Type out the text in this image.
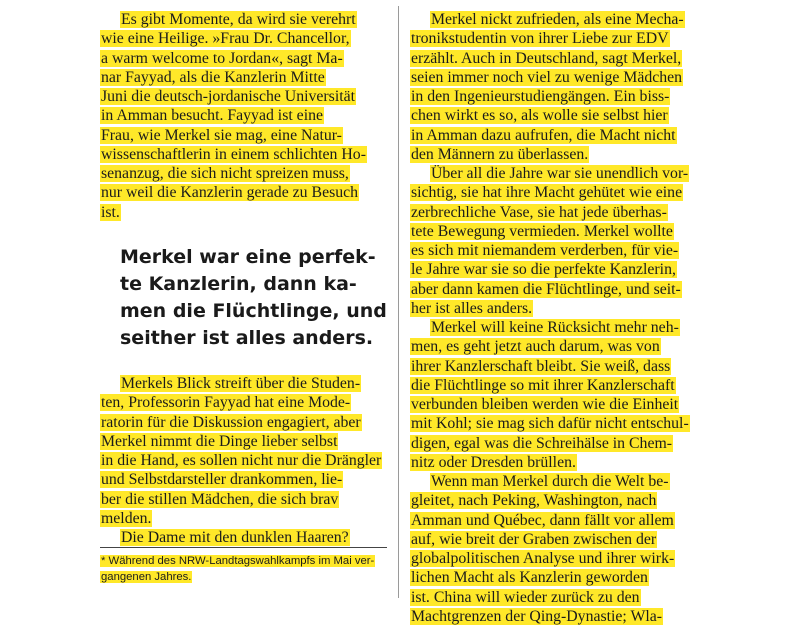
Es gibt Momente, da wird sie verehrt
wie eine Heilige. »Frau Dr. Chancellor,
a warm welcome to Jordan«, sagt Ma-
nar Fayyad, als die Kanzlerin Mitte
Juni die deutsch-jordanische Universität
in Amman besucht. Fayyad ist eine
Frau, wie Merkel sie mag, eine Natur-
wissenschaftlerin in einem schlichten Ho-
senanzug, die sich nicht spreizen muss,
nur weil die Kanzlerin gerade zu Besuch
ist.

Merkel war eine perfek-
te Kanzlerin, dann ka-
men die Flüchtlinge, und
seither ist alles anders.

Merkels Blick streift über die Studen-
ten, Professorin Fayyad hat eine Mode-
ratorin für die Diskussion engagiert, aber
Merkel nimmt die Dinge lieber selbst
in die Hand, es sollen nicht nur die Drängler
und Selbstdarsteller drankommen, lie-
ber die stillen Mädchen, die sich brav
melden.

Die Dame mit den dunklen Haaren?

* Während des NRW-Landtagswahlkampfs im Mai ver-
gangenen Jahres.

Merkel nickt zufrieden, als eine Mecha-
tronikstudentin von ihrer Liebe zur EDV
erzählt. Auch in Deutschland, sagt Merkel,
seien immer noch viel zu wenige Mädchen
in den Ingenieurstudiengängen. Ein biss-
chen wirkt es so, als wolle sie selbst hier
in Amman dazu aufrufen, die Macht nicht
den Männern zu überlassen.

Über all die Jahre war sie unendlich vor-
sichtig, sie hat ihre Macht gehütet wie eine
zerbrechliche Vase, sie hat jede überhas-
tete Bewegung vermieden. Merkel wollte
es sich mit niemandem verderben, für vie-
le Jahre war sie so die perfekte Kanzlerin,
aber dann kamen die Flüchtlinge, und seit-
her ist alles anders.

Merkel will keine Rücksicht mehr neh-
men, es geht jetzt auch darum, was von
ihrer Kanzlerschaft bleibt. Sie weiß, dass
die Flüchtlinge so mit ihrer Kanzlerschaft
verbunden bleiben werden wie die Einheit
mit Kohl; sie mag sich dafür nicht entschul-
digen, egal was die Schreihälse in Chem-
nitz oder Dresden brüllen.

Wenn man Merkel durch die Welt be-
gleitet, nach Peking, Washington, nach
Amman und Québec, dann fällt vor allem
auf, wie breit der Graben zwischen der
globalpolitischen Analyse und ihrer wirk-
lichen Macht als Kanzlerin geworden
ist. China will wieder zurück zu den
Machtgrenzen der Qing-Dynastie; Wla-
